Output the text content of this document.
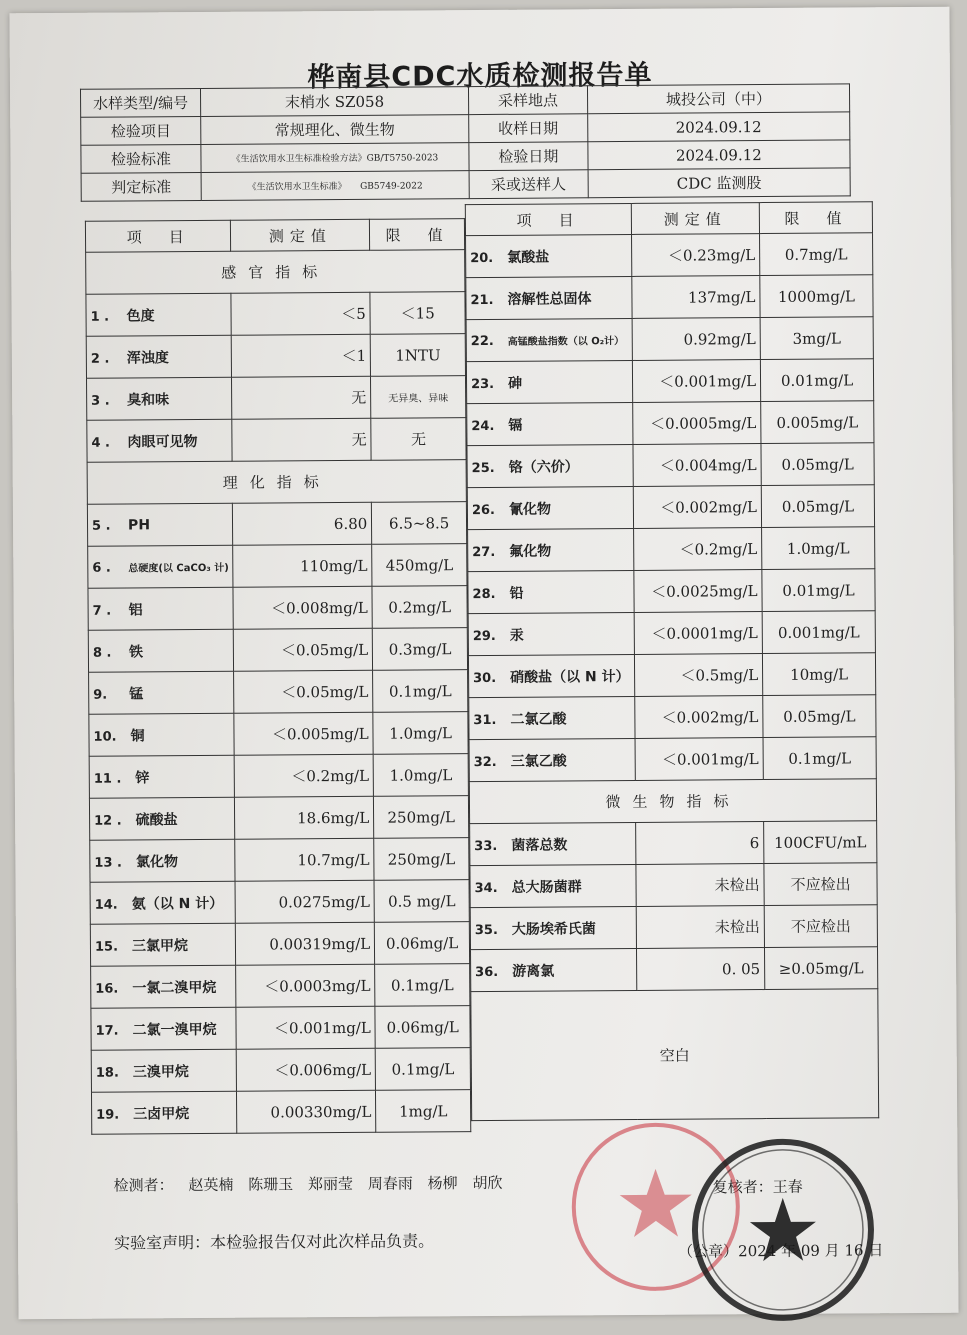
桦南县CDC水质检测报告单
水样类型/编号	末梢水 SZ058	采样地点	城投公司（中）
检验项目	常规理化、微生物	收样日期	2024.09.12
检验标准	《生活饮用水卫生标准检验方法》GB/T5750-2023	检验日期	2024.09.12
判定标准	《生活饮用水卫生标准》　　GB5749-2022	采或送样人	CDC 监测股
项　目	测定值	限　值
感官指标		
1 . 色度	＜5	＜15
2 . 浑浊度	＜1	1NTU
3 . 臭和味	无	无异臭、异味
4 . 肉眼可见物	无	无
理化指标		
5 . PH	6.80	6.5~8.5
6 . 总硬度(以 CaCO₃ 计)	110mg/L	450mg/L
7 . 铝	＜0.008mg/L	0.2mg/L
8 . 铁	＜0.05mg/L	0.3mg/L
9. 锰	＜0.05mg/L	0.1mg/L
10. 铜	＜0.005mg/L	1.0mg/L
11 . 锌	＜0.2mg/L	1.0mg/L
12 . 硫酸盐	18.6mg/L	250mg/L
13 . 氯化物	10.7mg/L	250mg/L
14. 氨（以 N 计）	0.0275mg/L	0.5 mg/L
15. 三氯甲烷	0.00319mg/L	0.06mg/L
16. 一氯二溴甲烷	＜0.0003mg/L	0.1mg/L
17. 二氯一溴甲烷	＜0.001mg/L	0.06mg/L
18. 三溴甲烷	＜0.006mg/L	0.1mg/L
19. 三卤甲烷	0.00330mg/L	1mg/L
项　目	测定值	限　值
20. 氯酸盐	＜0.23mg/L	0.7mg/L
21. 溶解性总固体	137mg/L	1000mg/L
22. 高锰酸盐指数（以 O₂计）	0.92mg/L	3mg/L
23. 砷	＜0.001mg/L	0.01mg/L
24. 镉	＜0.0005mg/L	0.005mg/L
25. 铬（六价）	＜0.004mg/L	0.05mg/L
26. 氰化物	＜0.002mg/L	0.05mg/L
27. 氟化物	＜0.2mg/L	1.0mg/L
28. 铅	＜0.0025mg/L	0.01mg/L
29. 汞	＜0.0001mg/L	0.001mg/L
30. 硝酸盐（以 N 计）	＜0.5mg/L	10mg/L
31. 二氯乙酸	＜0.002mg/L	0.05mg/L
32. 三氯乙酸	＜0.001mg/L	0.1mg/L
微生物指标		
33. 菌落总数	6	100CFU/mL
34. 总大肠菌群	未检出	不应检出
35. 大肠埃希氏菌	未检出	不应检出
36. 游离氯	0. 05	≥0.05mg/L
空白		
检测者： 赵英楠 陈珊玉 郑丽莹 周春雨 杨柳 胡欣	复核者：王春
实验室声明：本检验报告仅对此次样品负责。	（公章）2024 年 09 月 16 日
